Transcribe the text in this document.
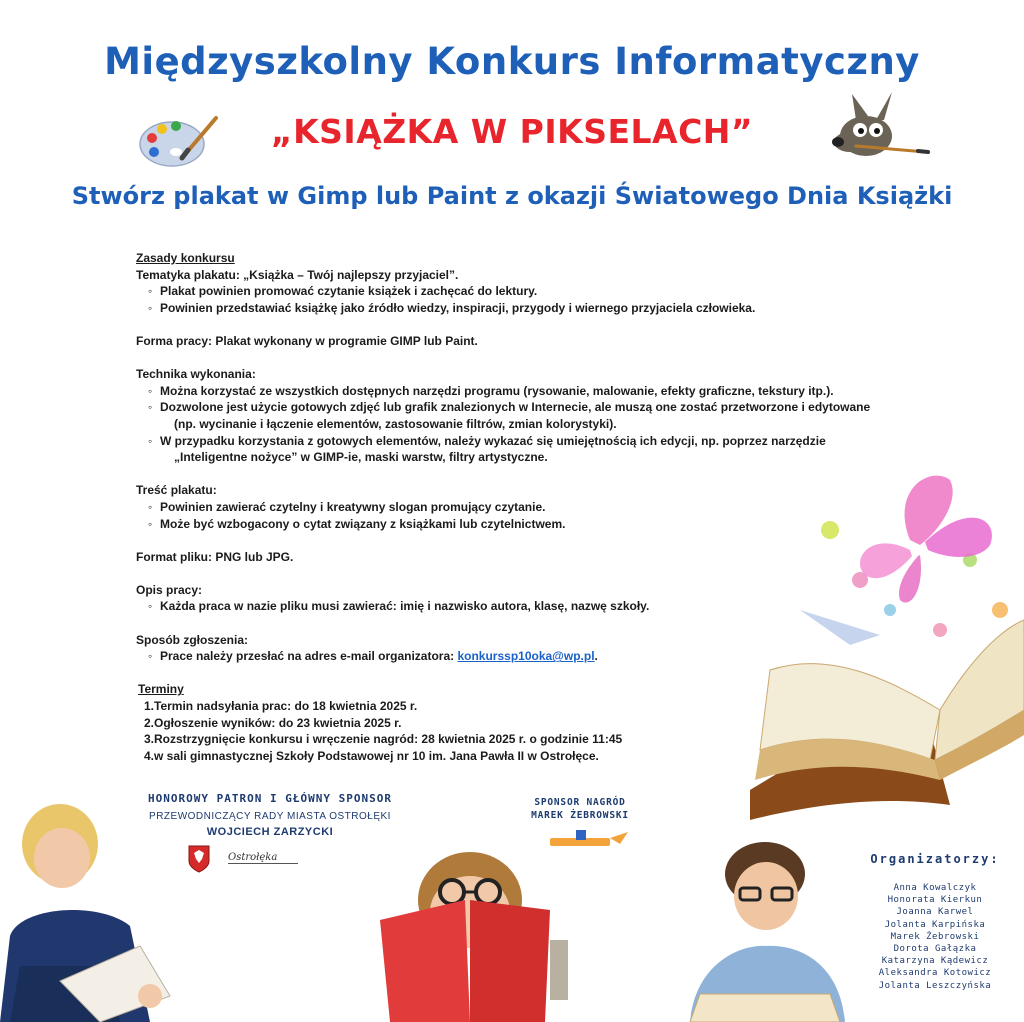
Międzyszkolny Konkurs Informatyczny
„KSIĄŻKA W PIKSELACH”
Stwórz plakat w Gimp lub Paint z okazji Światowego Dnia Książki
Zasady konkursu
Tematyka plakatu: „Książka – Twój najlepszy przyjaciel”.
◦ Plakat powinien promować czytanie książek i zachęcać do lektury.
◦ Powinien przedstawiać książkę jako źródło wiedzy, inspiracji, przygody i wiernego przyjaciela człowieka.
Forma pracy: Plakat wykonany w programie GIMP lub Paint.
Technika wykonania:
◦ Można korzystać ze wszystkich dostępnych narzędzi programu (rysowanie, malowanie, efekty graficzne, tekstury itp.).
◦ Dozwolone jest użycie gotowych zdjęć lub grafik znalezionych w Internecie, ale muszą one zostać przetworzone i edytowane
(np. wycinanie i łączenie elementów, zastosowanie filtrów, zmian kolorystyki).
◦ W przypadku korzystania z gotowych elementów, należy wykazać się umiejętnością ich edycji, np. poprzez narzędzie
„Inteligentne nożyce” w GIMP-ie, maski warstw, filtry artystyczne.
Treść plakatu:
◦ Powinien zawierać czytelny i kreatywny slogan promujący czytanie.
◦ Może być wzbogacony o cytat związany z książkami lub czytelnictwem.
Format pliku: PNG lub JPG.
Opis pracy:
◦ Każda praca w nazie pliku musi zawierać: imię i nazwisko autora, klasę, nazwę szkoły.
Sposób zgłoszenia:
◦ Prace należy przesłać na adres e-mail organizatora: konkurssp10oka@wp.pl.
Terminy
1.Termin nadsyłania prac: do 18 kwietnia 2025 r.
2.Ogłoszenie wyników: do 23 kwietnia 2025 r.
3.Rozstrzygnięcie konkursu i wręczenie nagród: 28 kwietnia 2025 r. o godzinie 11:45
4.w sali gimnastycznej Szkoły Podstawowej nr 10 im. Jana Pawła II w Ostrołęce.
HONOROWY PATRON I GŁÓWNY SPONSOR
PRZEWODNICZĄCY RADY MIASTA OSTROŁĘKI
WOJCIECH ZARZYCKI
Ostrołęka
SPONSOR NAGRÓD
MAREK ŻEBROWSKI
Organizatorzy:
Anna Kowalczyk
Honorata Kierkun
Joanna Karwel
Jolanta Karpińska
Marek Żebrowski
Dorota Gałązka
Katarzyna Kądewicz
Aleksandra Kotowicz
Jolanta Leszczyńska
